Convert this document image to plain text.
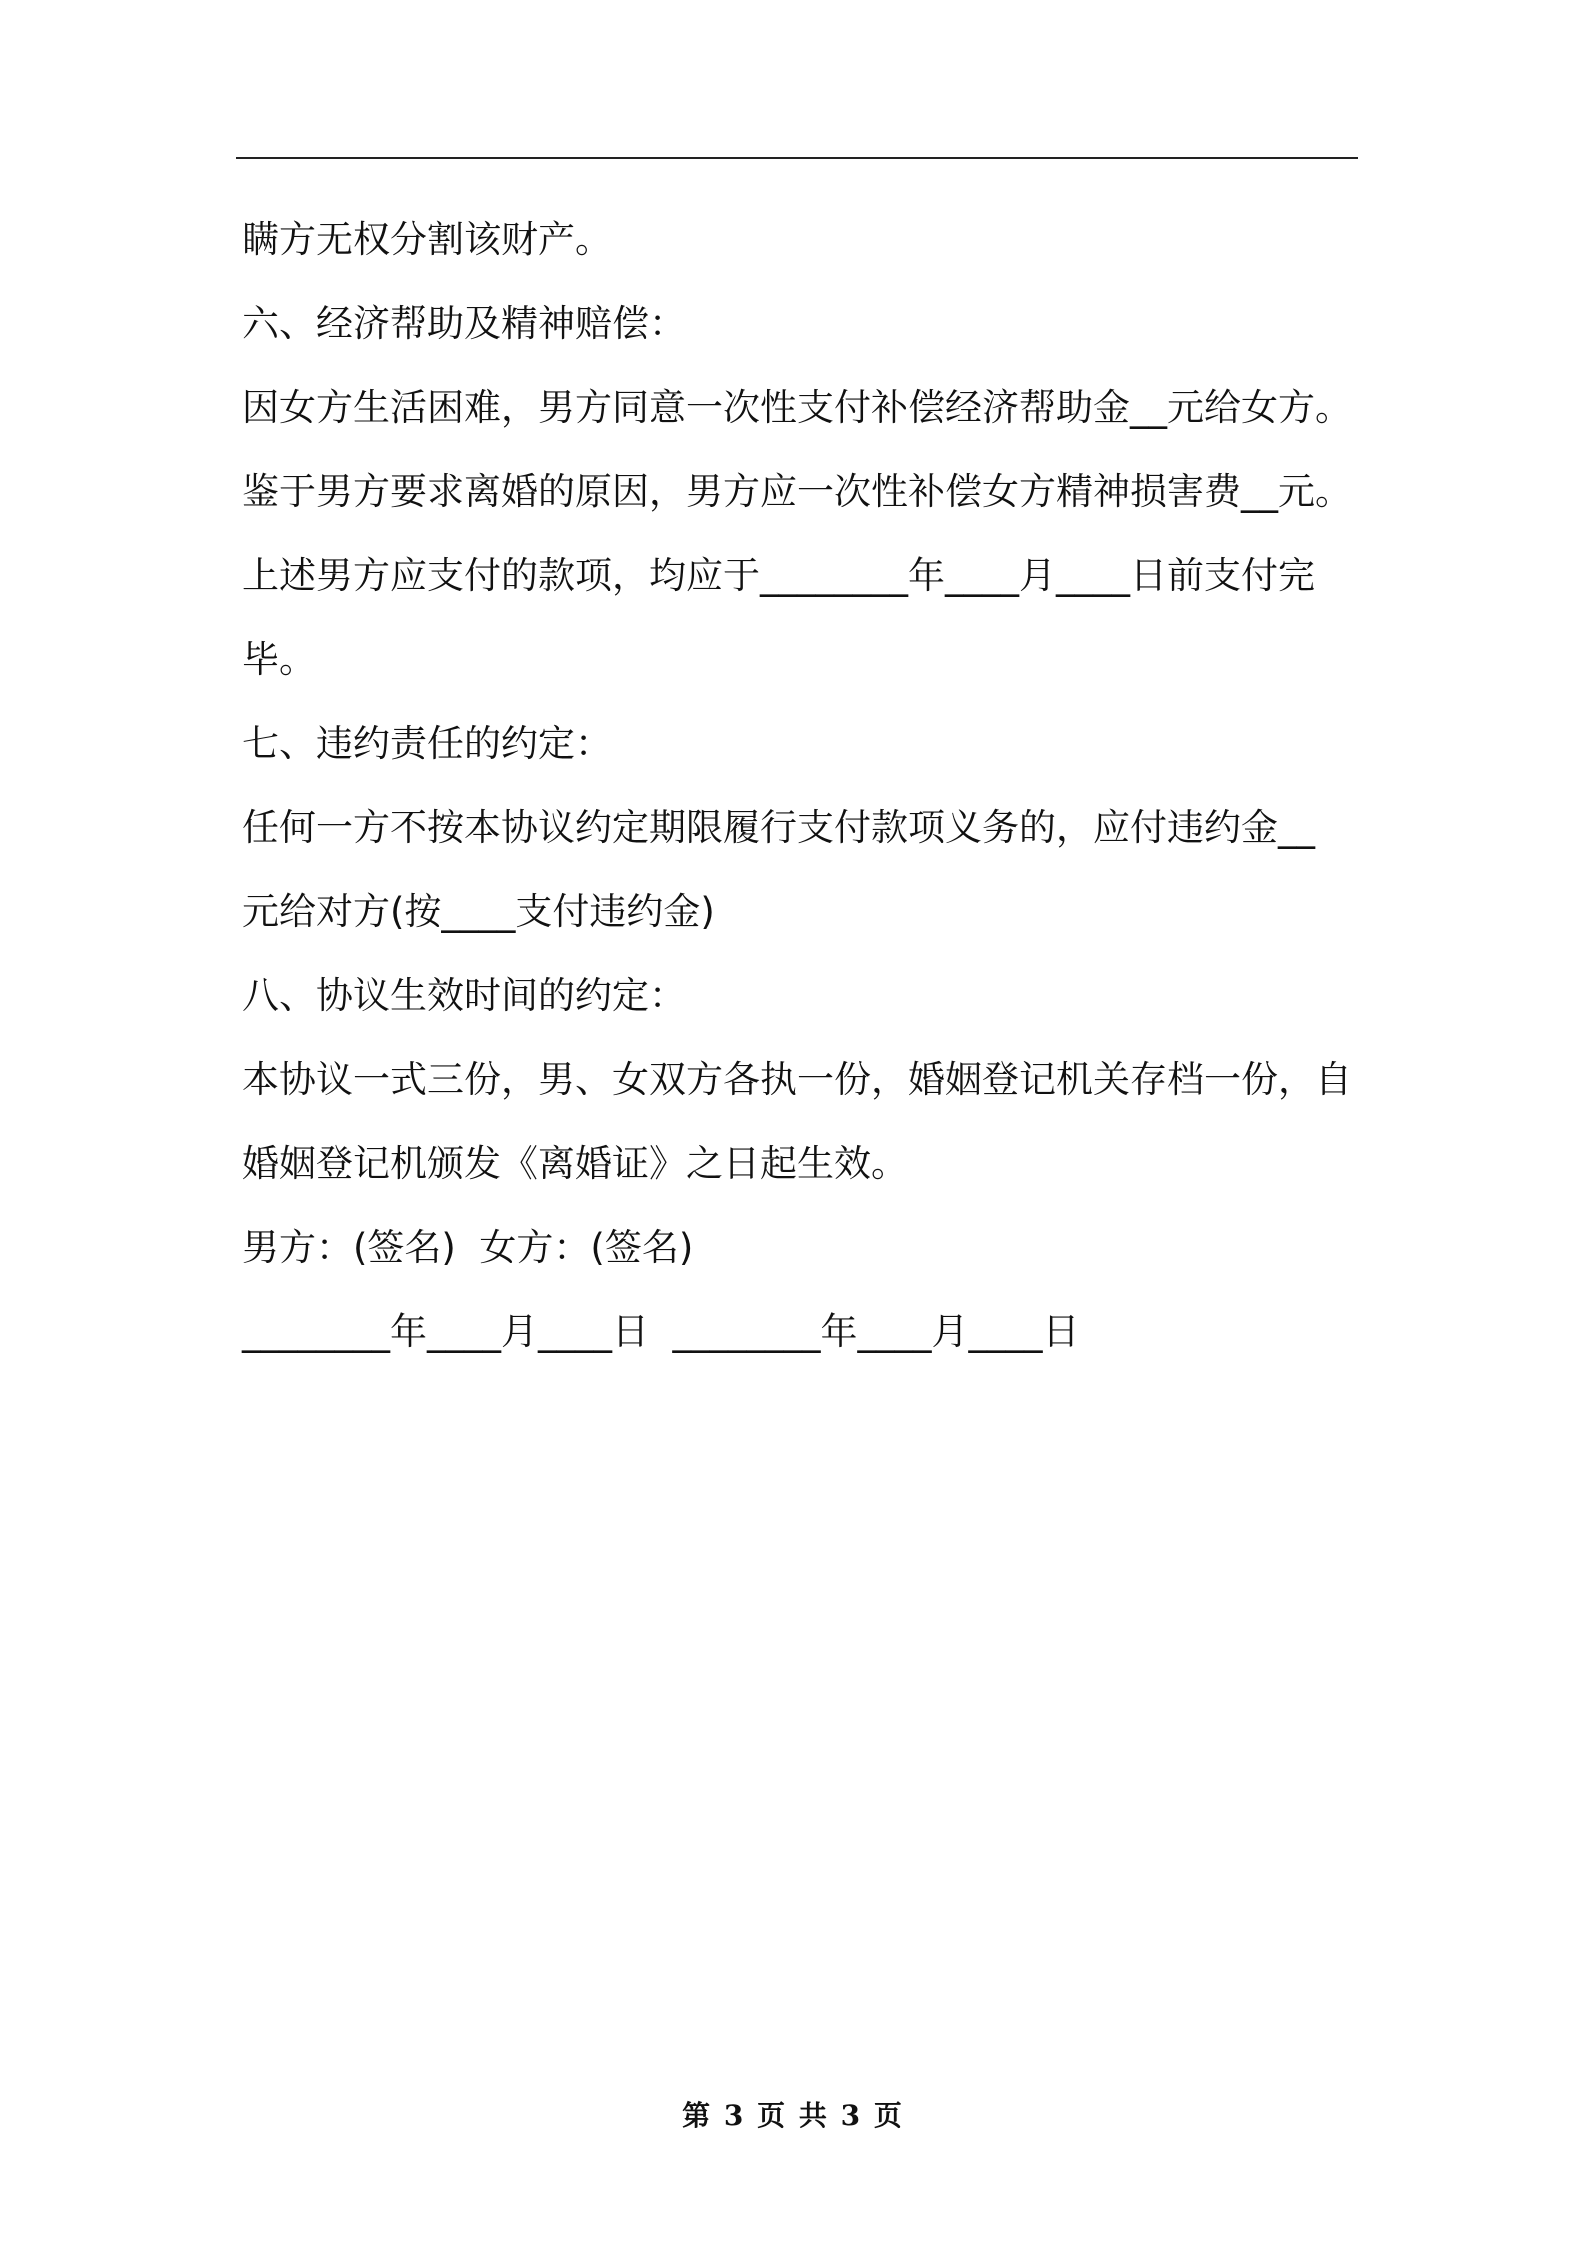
瞒方无权分割该财产。
六、经济帮助及精神赔偿：
因女方生活困难，男方同意一次性支付补偿经济帮助金__元给女方。
鉴于男方要求离婚的原因，男方应一次性补偿女方精神损害费__元。
上述男方应支付的款项，均应于________年____月____日前支付完
毕。
七、违约责任的约定：
任何一方不按本协议约定期限履行支付款项义务的，应付违约金__
元给对方(按____支付违约金)
八、协议生效时间的约定：
本协议一式三份，男、女双方各执一份，婚姻登记机关存档一份，自
婚姻登记机颁发《离婚证》之日起生效。
男方：(签名)  女方：(签名)
________年____月____日  ________年____月____日
第 3 页 共 3 页
